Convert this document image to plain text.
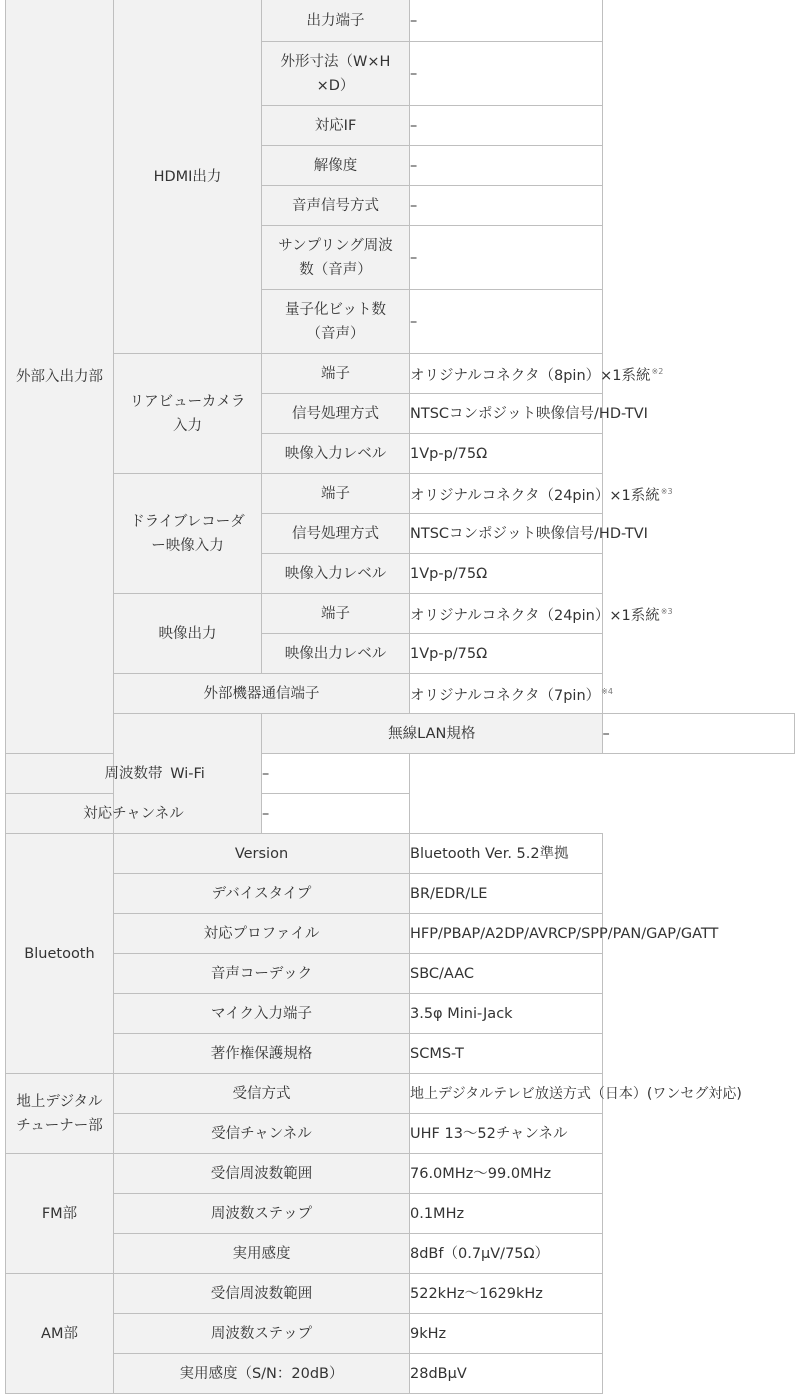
外部入出力部	HDMI出力	出力端子	–	
		外形寸法（W×H
×D）	–	
		対応IF	–	
		解像度	–	
		音声信号方式	–	
		サンプリング周波
数（音声）	–	
		量子化ビット数
（音声）	–	
	リアビューカメラ
入力	端子	オリジナルコネクタ（8pin）×1系統$^{※2}$
		信号処理方式	NTSCコンポジット映像信号/HD-TVI	
		映像入力レベル	1Vp-p/75Ω	
	ドライブレコーダ
ー映像入力	端子	オリジナルコネクタ（24pin）×1系統$^{※3}$
		信号処理方式	NTSCコンポジット映像信号/HD-TVI	
		映像入力レベル	1Vp-p/75Ω	
	映像出力	端子	オリジナルコネクタ（24pin）×1系統$^{※3}$
		映像出力レベル	1Vp-p/75Ω	
	外部機器通信端子		オリジナルコネクタ（7pin）$^{※4}$
	Wi-Fi	無線LAN規格		–
周波数帯		–		
対応チャンネル		–		
Bluetooth	Version		Bluetooth Ver. 5.2準拠	
	デバイスタイプ		BR/EDR/LE	
	対応プロファイル		HFP/PBAP/A2DP/AVRCP/SPP/PAN/GAP/GATT	
	音声コーデック		SBC/AAC	
	マイク入力端子		3.5φ Mini-Jack	
	著作権保護規格		SCMS-T	
地上デジタル
チューナー部	受信方式		地上デジタルテレビ放送方式（日本）(ワンセグ対応)	
	受信チャンネル		UHF 13～52チャンネル	
FM部	受信周波数範囲		76.0MHz～99.0MHz	
	周波数ステップ		0.1MHz	
	実用感度		8dBf（0.7μV/75Ω）	
AM部	受信周波数範囲		522kHz～1629kHz	
	周波数ステップ		9kHz	
	実用感度（S/N：20dB）		28dBμV	
